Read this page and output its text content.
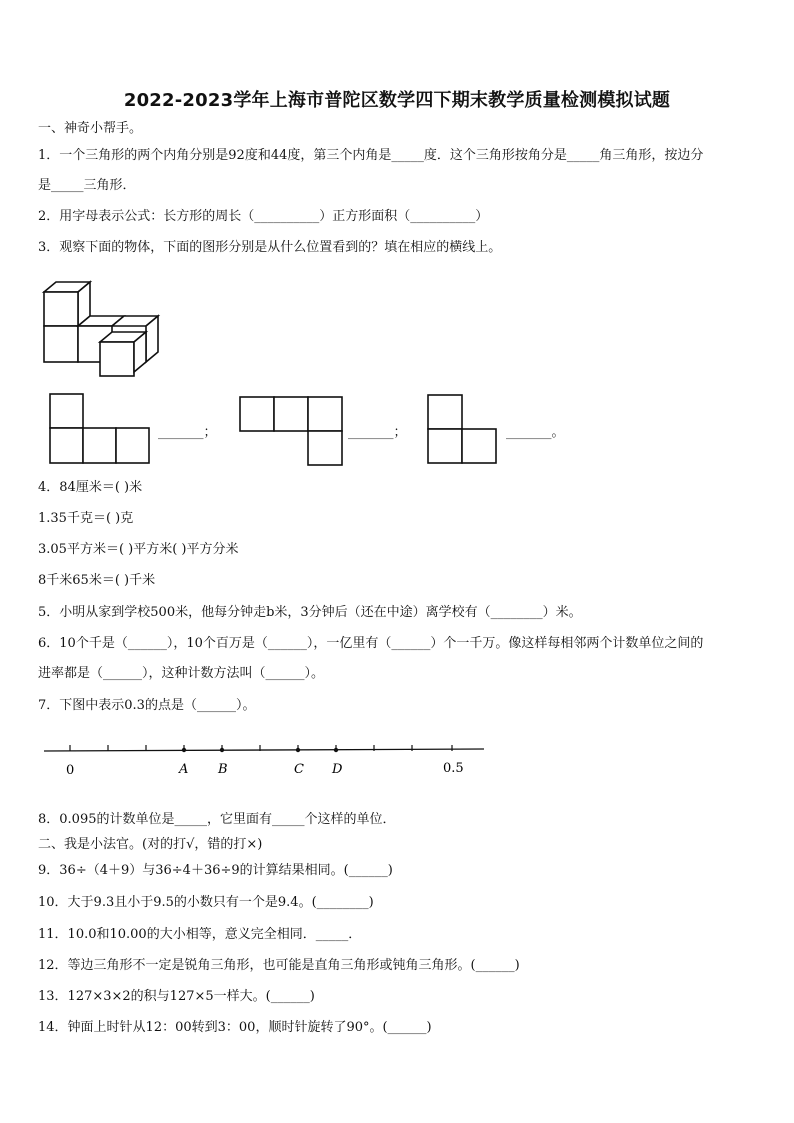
2022-2023学年上海市普陀区数学四下期末教学质量检测模拟试题
一、神奇小帮手。
1．一个三角形的两个内角分别是92度和44度，第三个内角是_____度．这个三角形按角分是_____角三角形，按边分
是_____三角形．
2．用字母表示公式：长方形的周长（__________）正方形面积（__________）
3．观察下面的物体，下面的图形分别是从什么位置看到的？填在相应的横线上。
_______；	_______；	_______。
4．84厘米＝( )米
1.35千克＝( )克
3.05平方米＝( )平方米( )平方分米
8千米65米＝( )千米
5．小明从家到学校500米，他每分钟走b米，3分钟后（还在中途）离学校有（________）米。
6．10个千是（______），10个百万是（______），一亿里有（______）个一千万。像这样每相邻两个计数单位之间的
进率都是（______），这种计数方法叫（______）。
7．下图中表示0.3的点是（______）。
0	A B	C D	0.5
8．0.095的计数单位是_____，它里面有_____个这样的单位．
二、我是小法官。(对的打√，错的打×)
9．36÷（4＋9）与36÷4＋36÷9的计算结果相同。(______)
10．大于9.3且小于9.5的小数只有一个是9.4。(________)
11．10.0和10.00的大小相等，意义完全相同．_____．
12．等边三角形不一定是锐角三角形，也可能是直角三角形或钝角三角形。(______)
13．127×3×2的积与127×5一样大。(______)
14．钟面上时针从12：00转到3：00，顺时针旋转了90°。(______)
